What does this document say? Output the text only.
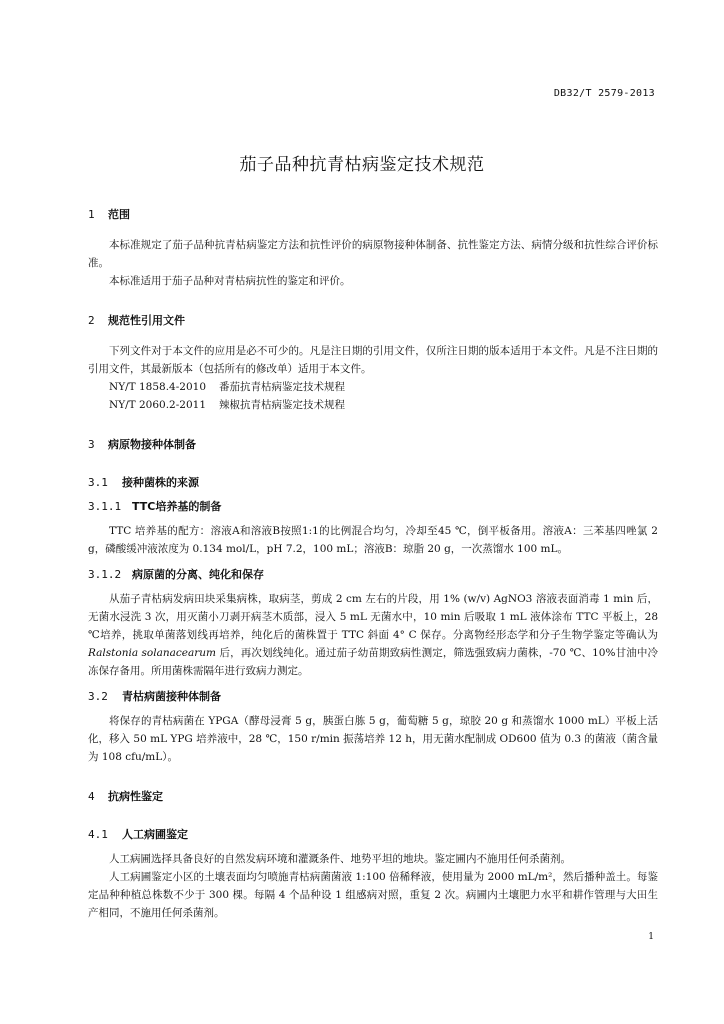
DB32/T 2579-2013
茄子品种抗青枯病鉴定技术规范
1 范围

本标准规定了茄子品种抗青枯病鉴定方法和抗性评价的病原物接种体制备、抗性鉴定方法、病情分级和抗性综合评价标准。

本标准适用于茄子品种对青枯病抗性的鉴定和评价。

2 规范性引用文件

下列文件对于本文件的应用是必不可少的。凡是注日期的引用文件，仅所注日期的版本适用于本文件。凡是不注日期的引用文件，其最新版本（包括所有的修改单）适用于本文件。

NY/T 1858.4-2010 番茄抗青枯病鉴定技术规程
NY/T 2060.2-2011 辣椒抗青枯病鉴定技术规程
3 病原物接种体制备
3.1 接种菌株的来源
3.1.1 TTC培养基的制备

TTC 培养基的配方：溶液A和溶液B按照1:1的比例混合均匀，冷却至45 ℃，倒平板备用。溶液A：三苯基四唑氯 2 g，磷酸缓冲液浓度为 0.134 mol/L，pH 7.2，100 mL；溶液B：琼脂 20 g，一次蒸馏水 100 mL。

3.1.2 病原菌的分离、纯化和保存

从茄子青枯病发病田块采集病株，取病茎，剪成 2 cm 左右的片段，用 1% (w/v) AgNO3 溶液表面消毒 1 min 后，无菌水浸洗 3 次，用灭菌小刀剥开病茎木质部，浸入 5 mL 无菌水中，10 min 后吸取 1 mL 液体涂布 TTC 平板上，28 ℃培养，挑取单菌落划线再培养，纯化后的菌株置于 TTC 斜面 4° C 保存。分离物经形态学和分子生物学鉴定等确认为 Ralstonia solanacearum 后，再次划线纯化。通过茄子幼苗期致病性测定，筛选强致病力菌株，-70 ℃、10%甘油中冷冻保存备用。所用菌株需隔年进行致病力测定。

3.2 青枯病菌接种体制备

将保存的青枯病菌在 YPGA（酵母浸膏 5 g，胰蛋白胨 5 g，葡萄糖 5 g，琼胶 20 g 和蒸馏水 1000 mL）平板上活化，移入 50 mL YPG 培养液中，28 ℃，150 r/min 振荡培养 12 h，用无菌水配制成 OD600 值为 0.3 的菌液（菌含量为 108 cfu/mL）。

4 抗病性鉴定
4.1 人工病圃鉴定

人工病圃选择具备良好的自然发病环境和灌溉条件、地势平坦的地块。鉴定圃内不施用任何杀菌剂。

人工病圃鉴定小区的土壤表面均匀喷施青枯病菌菌液 1:100 倍稀释液，使用量为 2000 mL/m²，然后播种盖土。每鉴定品种种植总株数不少于 300 棵。每隔 4 个品种设 1 组感病对照，重复 2 次。病圃内土壤肥力水平和耕作管理与大田生产相同，不施用任何杀菌剂。

1
